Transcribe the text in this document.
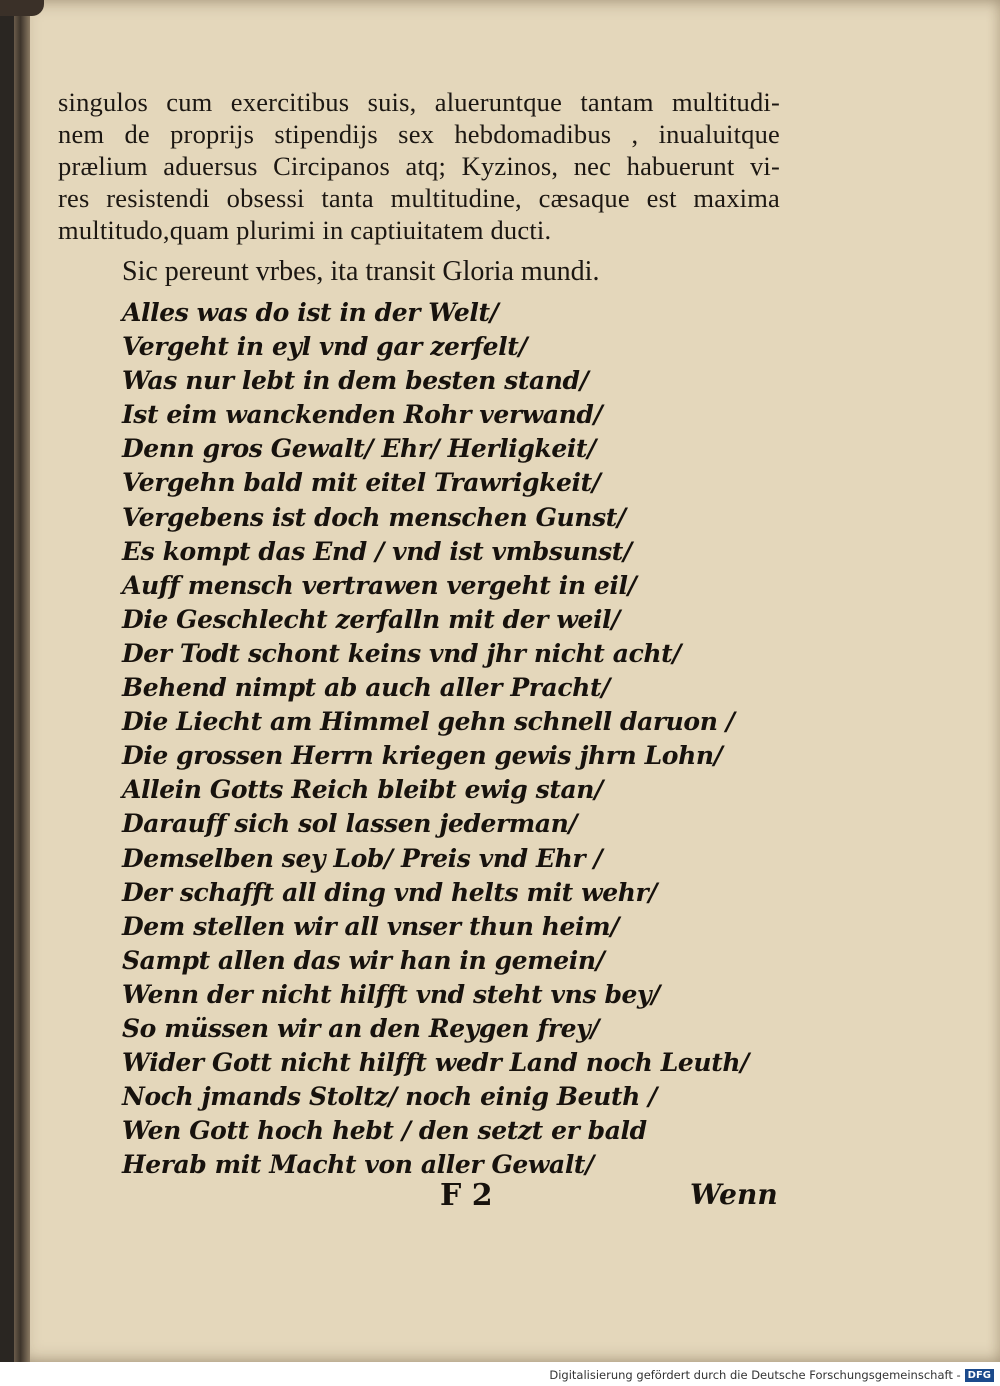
singulos cum exercitibus suis, alueruntque tantam multitudi-
nem de proprijs stipendijs sex hebdomadibus , inualuitque
prælium aduersus Circipanos atq; Kyzinos, nec habuerunt vi-
res resistendi obsessi tanta multitudine, cæsaque est maxima
multitudo,quam plurimi in captiuitatem ducti.
Sic pereunt vrbes, ita transit Gloria mundi.
Alles was do ist in der Welt/
Vergeht in eyl vnd gar zerfelt/
Was nur lebt in dem besten stand/
Ist eim wanckenden Rohr verwand/
Denn gros Gewalt/ Ehr/ Herligkeit/
Vergehn bald mit eitel Trawrigkeit/
Vergebens ist doch menschen Gunst/
Es kompt das End / vnd ist vmbsunst/
Auff mensch vertrawen vergeht in eil/
Die Geschlecht zerfalln mit der weil/
Der Todt schont keins vnd jhr nicht acht/
Behend nimpt ab auch aller Pracht/
Die Liecht am Himmel gehn schnell daruon /
Die grossen Herrn kriegen gewis jhrn Lohn/
Allein Gotts Reich bleibt ewig stan/
Darauff sich sol lassen jederman/
Demselben sey Lob/ Preis vnd Ehr /
Der schafft all ding vnd helts mit wehr/
Dem stellen wir all vnser thun heim/
Sampt allen das wir han in gemein/
Wenn der nicht hilfft vnd steht vns bey/
So müssen wir an den Reygen frey/
Wider Gott nicht hilfft wedr Land noch Leuth/
Noch jmands Stoltz/ noch einig Beuth /
Wen Gott hoch hebt / den setzt er bald
Herab mit Macht von aller Gewalt/
F 2	Wenn
Digitalisierung gefördert durch die Deutsche Forschungsgemeinschaft - DFG
